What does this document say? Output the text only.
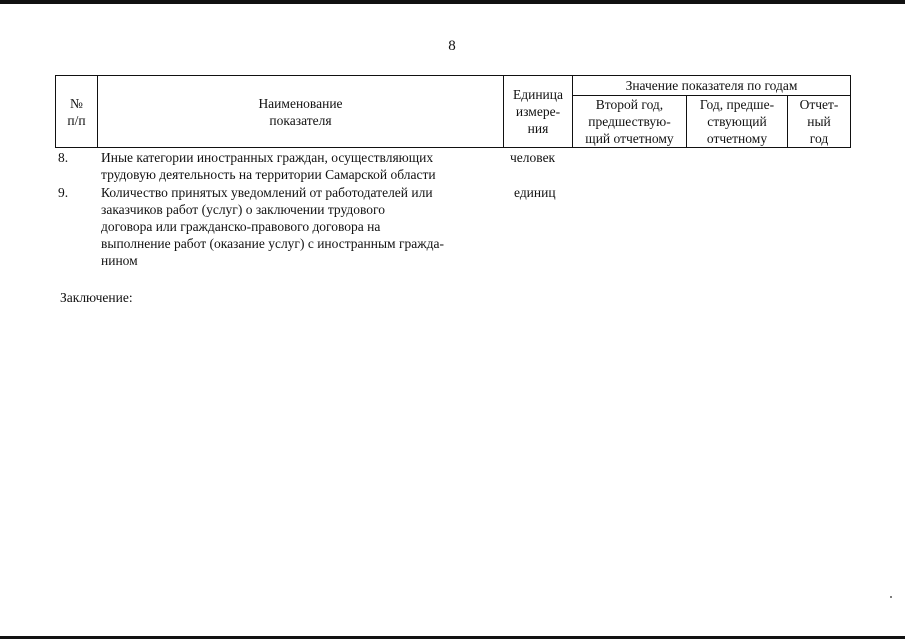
8
№
п/п
Наименование
показателя
Единица
измере-
ния
Значение показателя по годам
Второй год,
предшествую-
щий отчетному
Год, предше-
ствующий
отчетному
Отчет-
ный
год
8. Иные категории иностранных граждан, осуществляющих
трудовую деятельность на территории Самарской области
человек
9. Количество принятых уведомлений от работодателей или
заказчиков работ (услуг) о заключении трудового
договора или гражданско-правового договора на
выполнение работ (оказание услуг) с иностранным гражда-
нином
единиц
Заключение:
